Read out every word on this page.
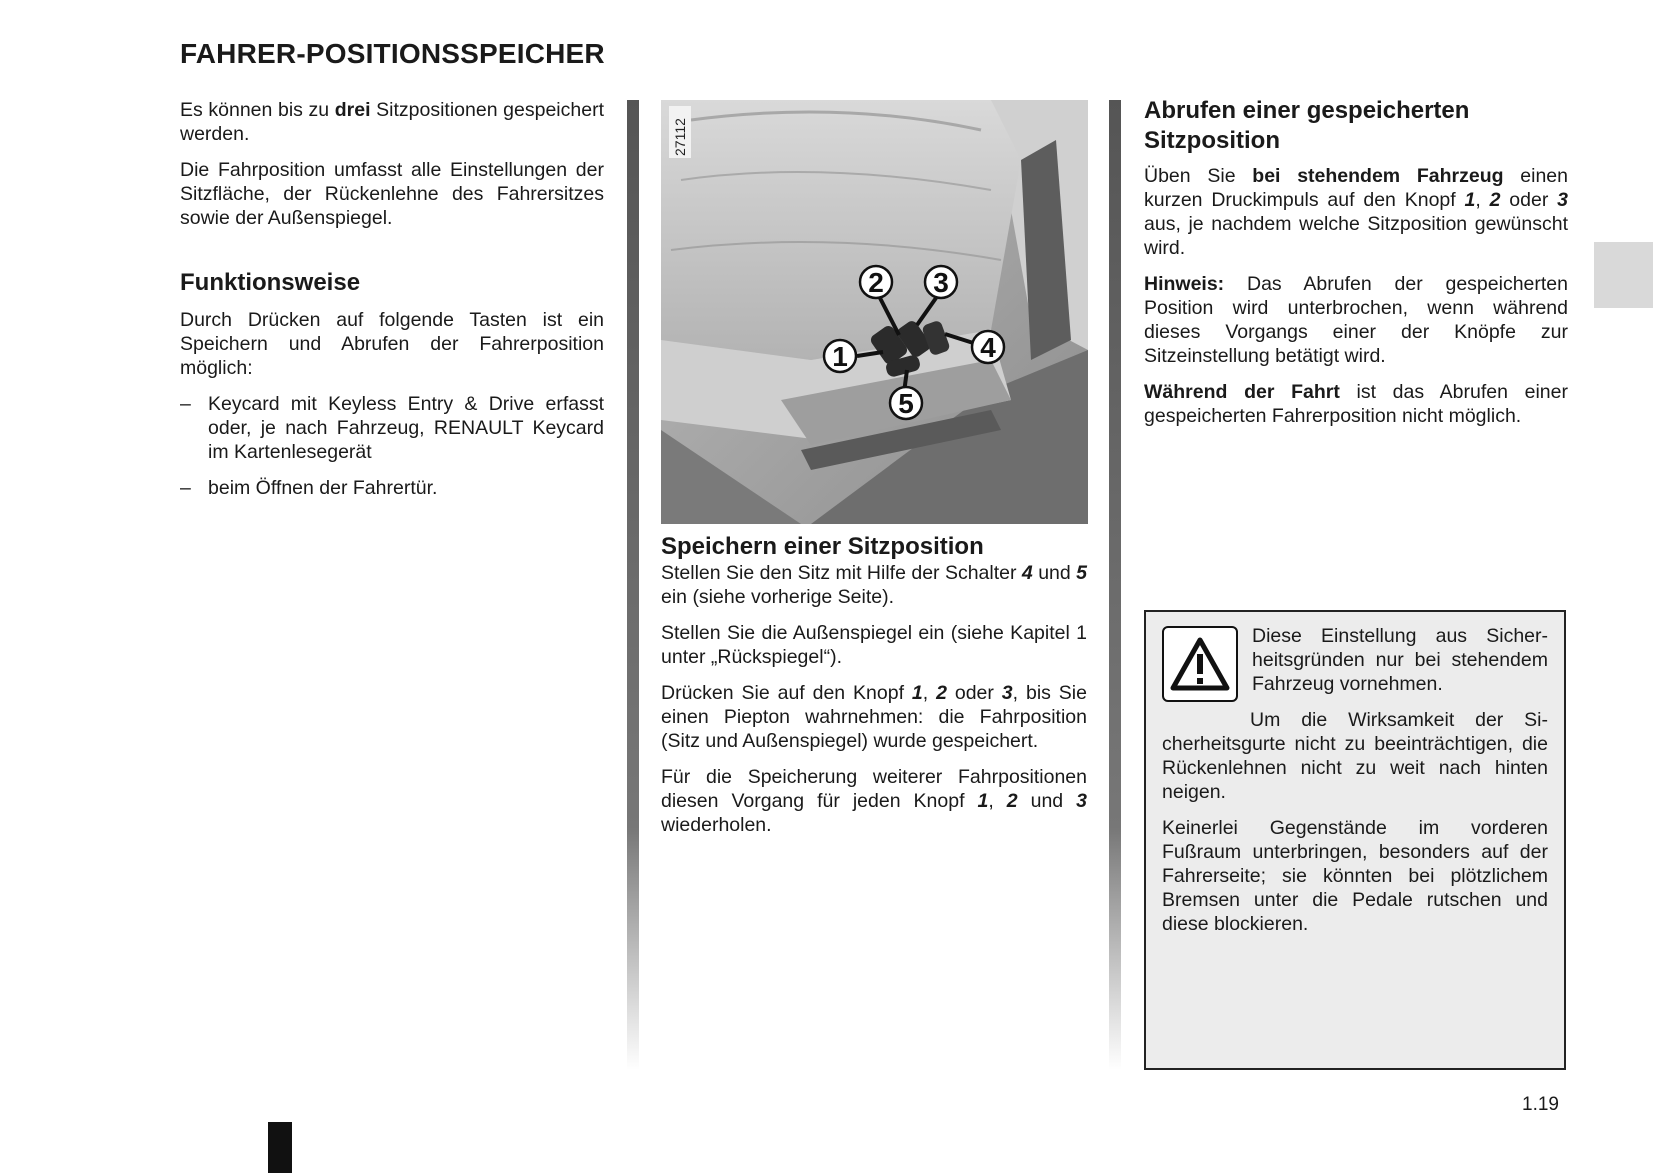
FAHRER-POSITIONSSPEICHER

Es können bis zu drei Sitzpositionen gespeichert werden.

Die Fahrposition umfasst alle Einstellungen der Sitzfläche, der Rückenlehne des Fahrersitzes sowie der Außenspiegel.

Funktionsweise

Durch Drücken auf folgende Tasten ist ein Speichern und Abrufen der Fahrerposition möglich:

– Keycard mit Keyless Entry & Drive erfasst oder, je nach Fahrzeug, RENAULT Keycard im Kartenlesegerät
– beim Öffnen der Fahrertür.
27112
1
2 3
4
5
Speichern einer Sitzposition

Stellen Sie den Sitz mit Hilfe der Schalter 4 und 5 ein (siehe vorherige Seite).

Stellen Sie die Außenspiegel ein (siehe Kapitel 1 unter „Rückspiegel“).

Drücken Sie auf den Knopf 1, 2 oder 3, bis Sie einen Piepton wahrnehmen: die Fahrposition (Sitz und Außenspiegel) wurde gespeichert.

Für die Speicherung weiterer Fahrpositionen diesen Vorgang für jeden Knopf 1, 2 und 3 wiederholen.

Abrufen einer gespeicherten Sitzposition

Üben Sie bei stehendem Fahrzeug einen kurzen Druckimpuls auf den Knopf 1, 2 oder 3 aus, je nachdem welche Sitzposition gewünscht wird.

Hinweis: Das Abrufen der gespeicherten Position wird unterbrochen, wenn während dieses Vorgangs einer der Knöpfe zur Sitzeinstellung betätigt wird.

Während der Fahrt ist das Abrufen einer gespeicherten Fahrerposition nicht möglich.

Diese Einstellung aus Sicherheitsgründen nur bei stehendem Fahrzeug vornehmen.

Um die Wirksamkeit der Sicherheitsgurte nicht zu beeinträchtigen, die Rückenlehnen nicht zu weit nach hinten neigen.

Keinerlei Gegenstände im vorderen Fußraum unterbringen, besonders auf der Fahrerseite; sie könnten bei plötzlichem Bremsen unter die Pedale rutschen und diese blockieren.

1.19
